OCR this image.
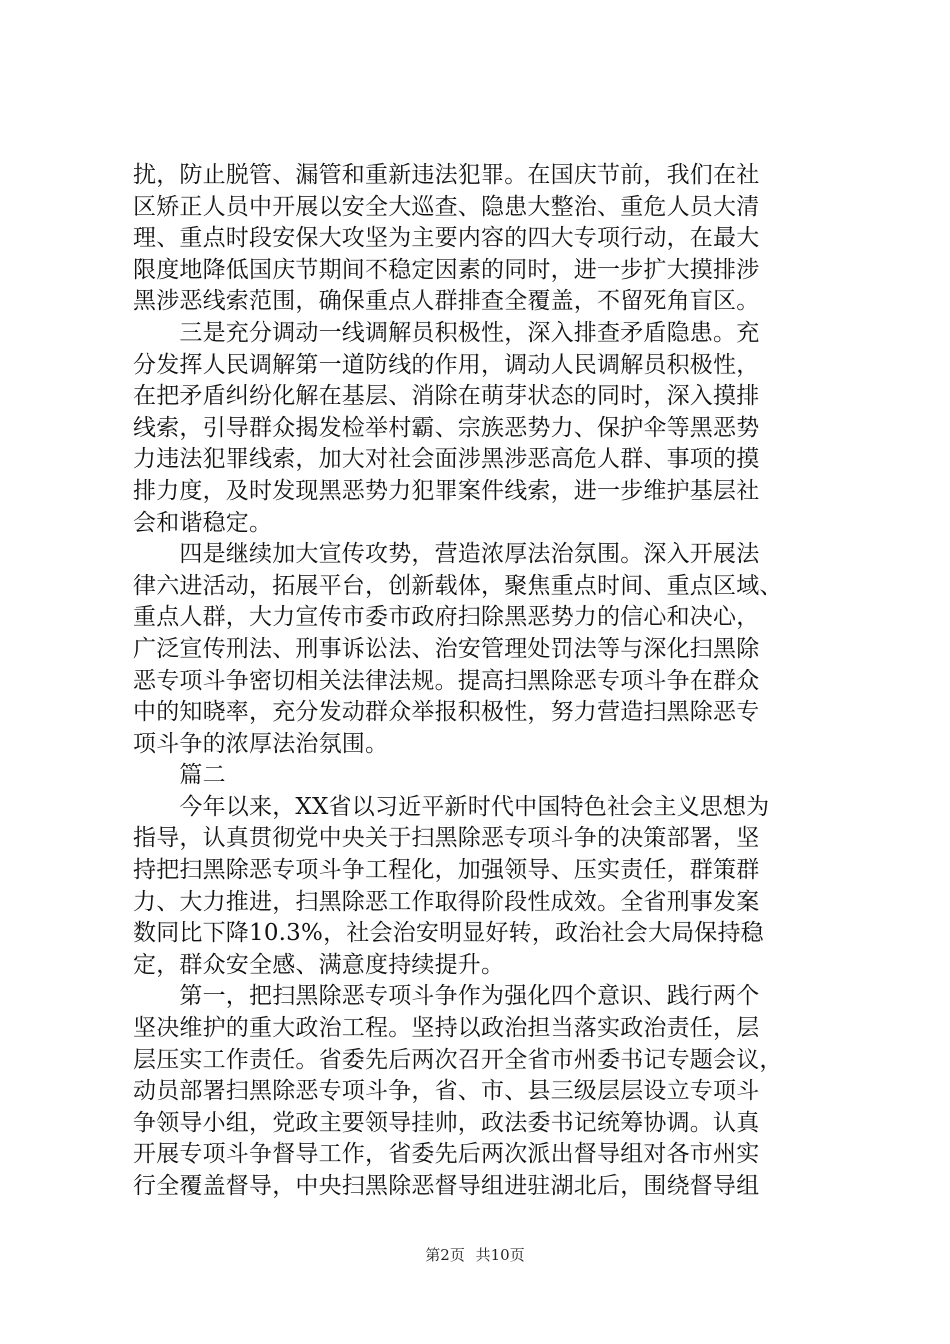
扰，防止脱管、漏管和重新违法犯罪。在国庆节前，我们在社
区矫正人员中开展以安全大巡查、隐患大整治、重危人员大清
理、重点时段安保大攻坚为主要内容的四大专项行动，在最大
限度地降低国庆节期间不稳定因素的同时，进一步扩大摸排涉
黑涉恶线索范围，确保重点人群排查全覆盖，不留死角盲区。
　　三是充分调动一线调解员积极性，深入排查矛盾隐患。充
分发挥人民调解第一道防线的作用，调动人民调解员积极性，
在把矛盾纠纷化解在基层、消除在萌芽状态的同时，深入摸排
线索，引导群众揭发检举村霸、宗族恶势力、保护伞等黑恶势
力违法犯罪线索，加大对社会面涉黑涉恶高危人群、事项的摸
排力度，及时发现黑恶势力犯罪案件线索，进一步维护基层社
会和谐稳定。
　　四是继续加大宣传攻势，营造浓厚法治氛围。深入开展法
律六进活动，拓展平台，创新载体，聚焦重点时间、重点区域、
重点人群，大力宣传市委市政府扫除黑恶势力的信心和决心，
广泛宣传刑法、刑事诉讼法、治安管理处罚法等与深化扫黑除
恶专项斗争密切相关法律法规。提高扫黑除恶专项斗争在群众
中的知晓率，充分发动群众举报积极性，努力营造扫黑除恶专
项斗争的浓厚法治氛围。
　　篇二
　　今年以来，XX省以习近平新时代中国特色社会主义思想为
指导，认真贯彻党中央关于扫黑除恶专项斗争的决策部署，坚
持把扫黑除恶专项斗争工程化，加强领导、压实责任，群策群
力、大力推进，扫黑除恶工作取得阶段性成效。全省刑事发案
数同比下降10.3%，社会治安明显好转，政治社会大局保持稳
定，群众安全感、满意度持续提升。
　　第一，把扫黑除恶专项斗争作为强化四个意识、践行两个
坚决维护的重大政治工程。坚持以政治担当落实政治责任，层
层压实工作责任。省委先后两次召开全省市州委书记专题会议，
动员部署扫黑除恶专项斗争，省、市、县三级层层设立专项斗
争领导小组，党政主要领导挂帅，政法委书记统筹协调。认真
开展专项斗争督导工作，省委先后两次派出督导组对各市州实
行全覆盖督导，中央扫黑除恶督导组进驻湖北后，围绕督导组
第2页 共10页
